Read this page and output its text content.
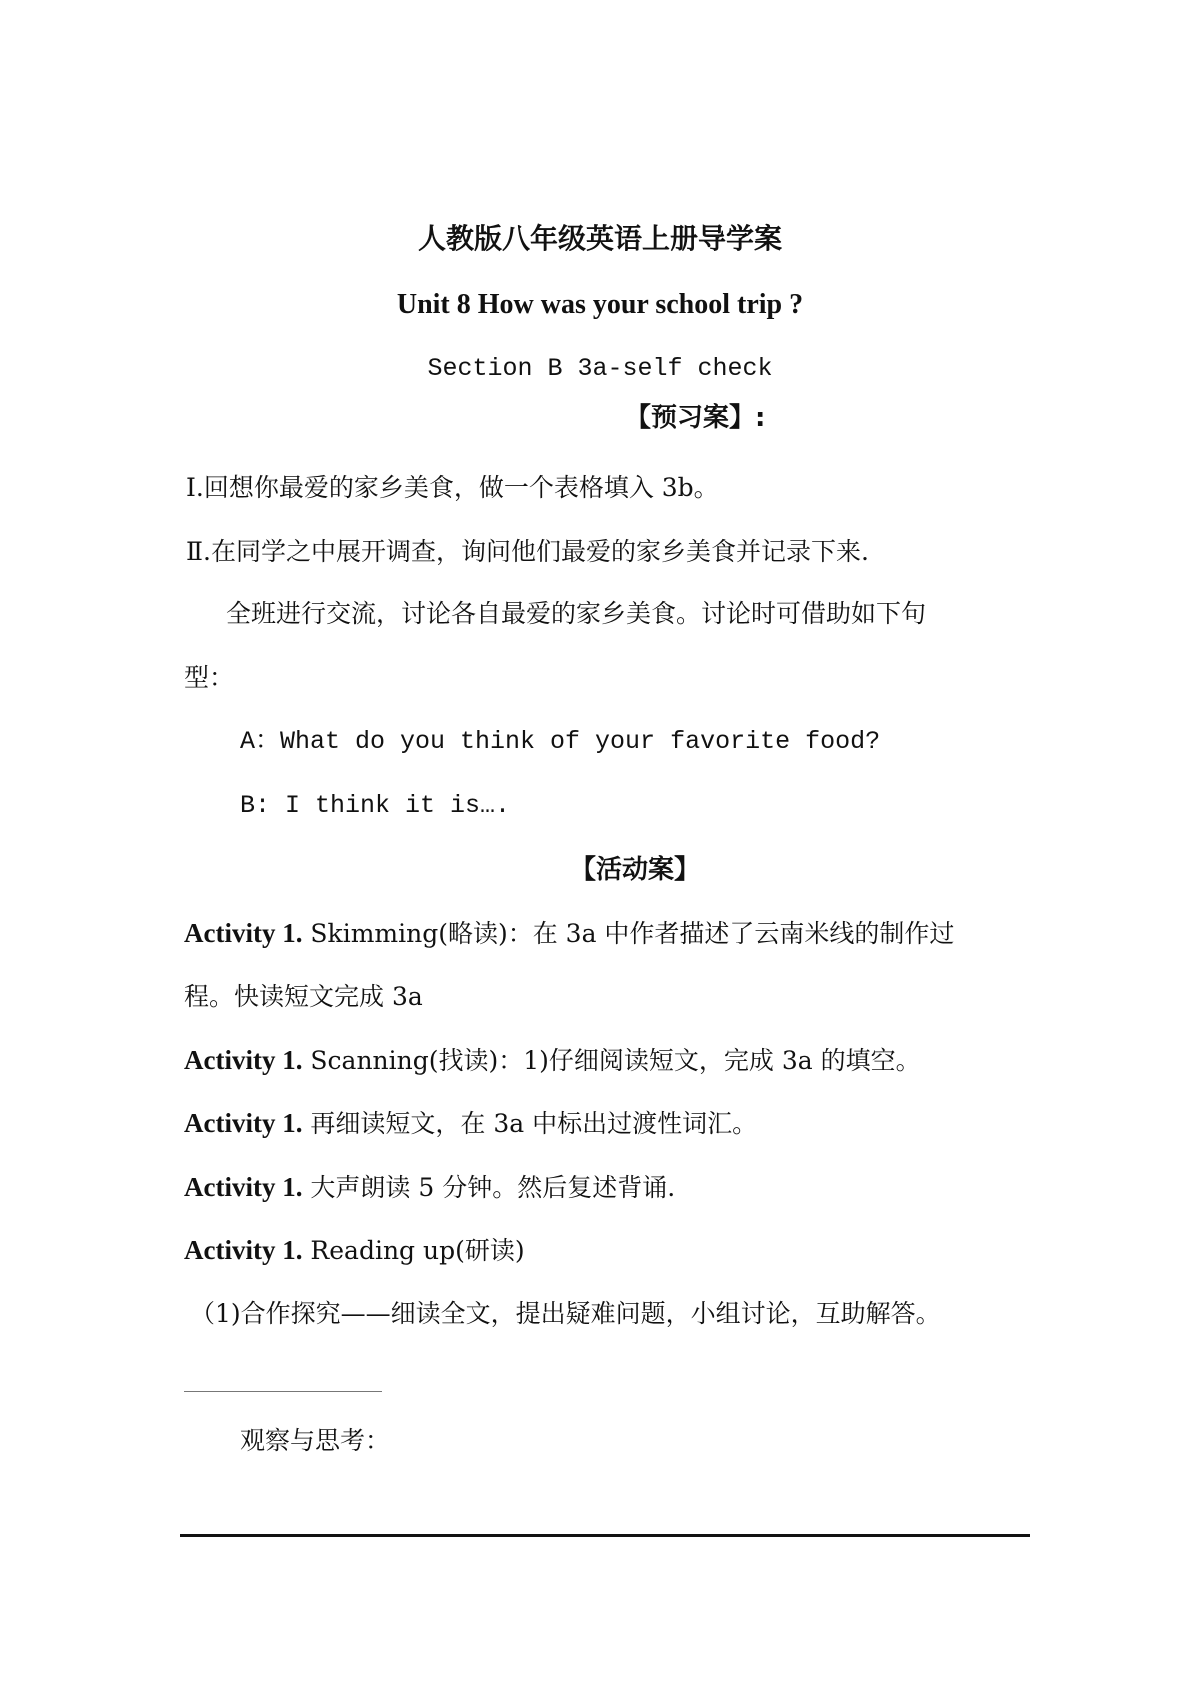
人教版八年级英语上册导学案
Unit 8 How was your school trip ?
Section B 3a-self check
【预习案】:
Ⅰ.回想你最爱的家乡美食，做一个表格填入 3b。
Ⅱ.在同学之中展开调查，询问他们最爱的家乡美食并记录下来.
全班进行交流，讨论各自最爱的家乡美食。讨论时可借助如下句
型：
A：What do you think of your favorite food?
B: I think it is….
【活动案】
Activity 1. Skimming(略读)：在 3a 中作者描述了云南米线的制作过
程。快读短文完成 3a
Activity 1. Scanning(找读)：1)仔细阅读短文，完成 3a 的填空。
Activity 1. 再细读短文，在 3a 中标出过渡性词汇。
Activity 1. 大声朗读 5 分钟。然后复述背诵.
Activity 1. Reading up(研读)
（1)合作探究——细读全文，提出疑难问题，小组讨论，互助解答。
观察与思考：
